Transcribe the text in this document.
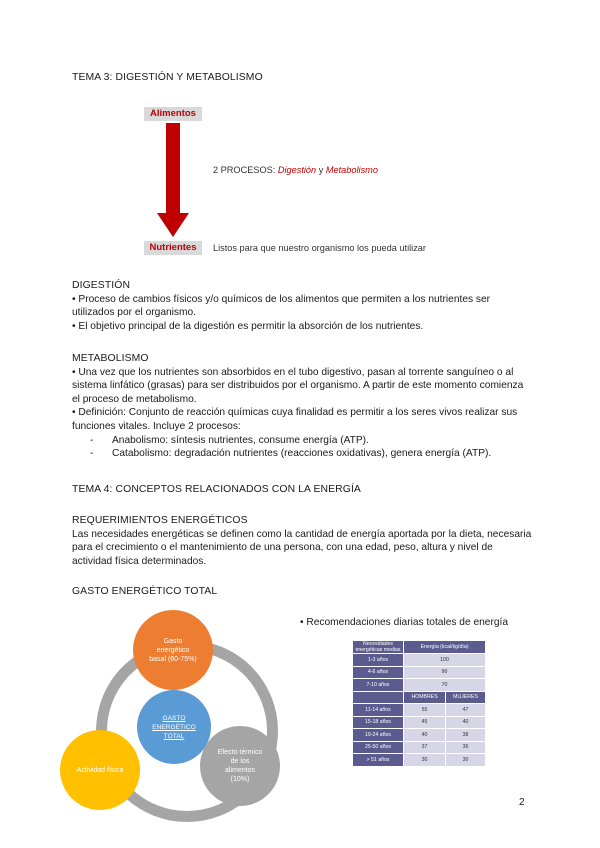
TEMA 3: DIGESTIÓN Y METABOLISMO
Alimentos
2 PROCESOS: Digestión y Metabolismo
Nutrientes	Listos para que nuestro organismo los pueda utilizar

DIGESTIÓN

• Proceso de cambios físicos y/o químicos de los alimentos que permiten a los nutrientes ser utilizados por el organismo.

• El objetivo principal de la digestión es permitir la absorción de los nutrientes.

METABOLISMO

• Una vez que los nutrientes son absorbidos en el tubo digestivo, pasan al torrente sanguíneo o al sistema linfático (grasas) para ser distribuidos por el organismo. A partir de este momento comienza el proceso de metabolismo.

• Definición: Conjunto de reacción químicas cuya finalidad es permitir a los seres vivos realizar sus funciones vitales. Incluye 2 procesos:

- Anabolismo: síntesis nutrientes, consume energía (ATP).

- Catabolismo: degradación nutrientes (reacciones oxidativas), genera energía (ATP).

TEMA 4: CONCEPTOS RELACIONADOS CON LA ENERGÍA

REQUERIMIENTOS ENERGÉTICOS

Las necesidades energéticas se definen como la cantidad de energía aportada por la dieta, necesaria para el crecimiento o el mantenimiento de una persona, con una edad, peso, altura y nivel de actividad física determinados.

GASTO ENERGÉTICO TOTAL
• Recomendaciones diarias totales de energía
Gasto
energético
basal (60-75%)
GASTO ENERGÉTICO TOTAL
Actividad física
Efecto térmico
de los
alimentos
(10%)
Necesidades energéticas medias	Energía (kcal/kg/día)	
1-3 años	100	
4-6 años	90	
7-10 años	70	
	HOMBRES	MUJERES
11-14 años	55	47
15-18 años	45	40
19-24 años	40	38
25-50 años	37	36
> 51 años	30	30
2
